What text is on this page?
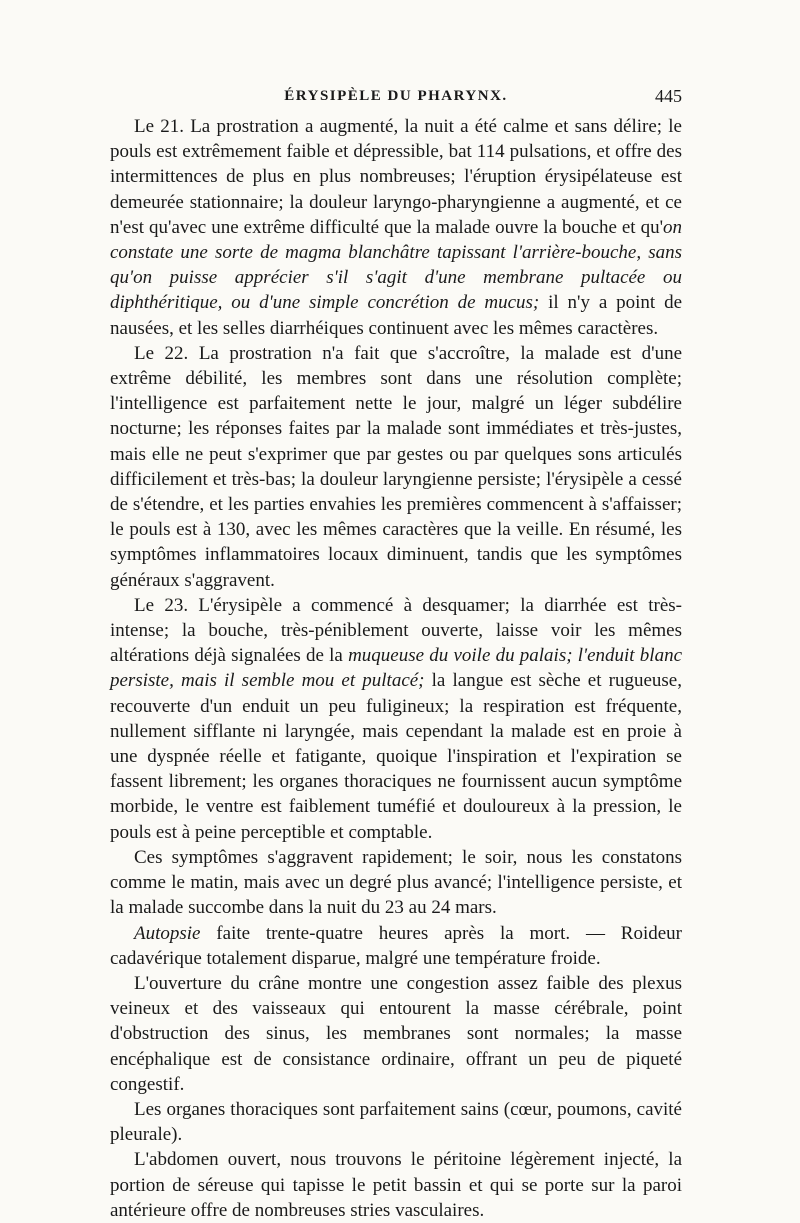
ÉRYSIPÈLE DU PHARYNX.	445

Le 21. La prostration a augmenté, la nuit a été calme et sans délire; le pouls est extrêmement faible et dépressible, bat 114 pulsations, et offre des intermittences de plus en plus nombreuses; l'éruption érysipélateuse est demeurée stationnaire; la douleur laryngo-pharyngienne a augmenté, et ce n'est qu'avec une extrême difficulté que la malade ouvre la bouche et qu'on constate une sorte de magma blanchâtre tapissant l'arrière-bouche, sans qu'on puisse apprécier s'il s'agit d'une membrane pultacée ou diphthéritique, ou d'une simple concrétion de mucus; il n'y a point de nausées, et les selles diarrhéiques continuent avec les mêmes caractères.

Le 22. La prostration n'a fait que s'accroître, la malade est d'une extrême débilité, les membres sont dans une résolution complète; l'intelligence est parfaitement nette le jour, malgré un léger subdélire nocturne; les réponses faites par la malade sont immédiates et très-justes, mais elle ne peut s'exprimer que par gestes ou par quelques sons articulés difficilement et très-bas; la douleur laryngienne persiste; l'érysipèle a cessé de s'étendre, et les parties envahies les premières commencent à s'affaisser; le pouls est à 130, avec les mêmes caractères que la veille. En résumé, les symptômes inflammatoires locaux diminuent, tandis que les symptômes généraux s'aggravent.

Le 23. L'érysipèle a commencé à desquamer; la diarrhée est très-intense; la bouche, très-péniblement ouverte, laisse voir les mêmes altérations déjà signalées de la muqueuse du voile du palais; l'enduit blanc persiste, mais il semble mou et pultacé; la langue est sèche et rugueuse, recouverte d'un enduit un peu fuligineux; la respiration est fréquente, nullement sifflante ni laryngée, mais cependant la malade est en proie à une dyspnée réelle et fatigante, quoique l'inspiration et l'expiration se fassent librement; les organes thoraciques ne fournissent aucun symptôme morbide, le ventre est faiblement tuméfié et douloureux à la pression, le pouls est à peine perceptible et comptable.

Ces symptômes s'aggravent rapidement; le soir, nous les constatons comme le matin, mais avec un degré plus avancé; l'intelligence persiste, et la malade succombe dans la nuit du 23 au 24 mars.

Autopsie faite trente-quatre heures après la mort. — Roideur cadavérique totalement disparue, malgré une température froide.

L'ouverture du crâne montre une congestion assez faible des plexus veineux et des vaisseaux qui entourent la masse cérébrale, point d'obstruction des sinus, les membranes sont normales; la masse encéphalique est de consistance ordinaire, offrant un peu de piqueté congestif.

Les organes thoraciques sont parfaitement sains (cœur, poumons, cavité pleurale).

L'abdomen ouvert, nous trouvons le péritoine légèrement injecté, la portion de séreuse qui tapisse le petit bassin et qui se porte sur la paroi antérieure offre de nombreuses stries vasculaires.
